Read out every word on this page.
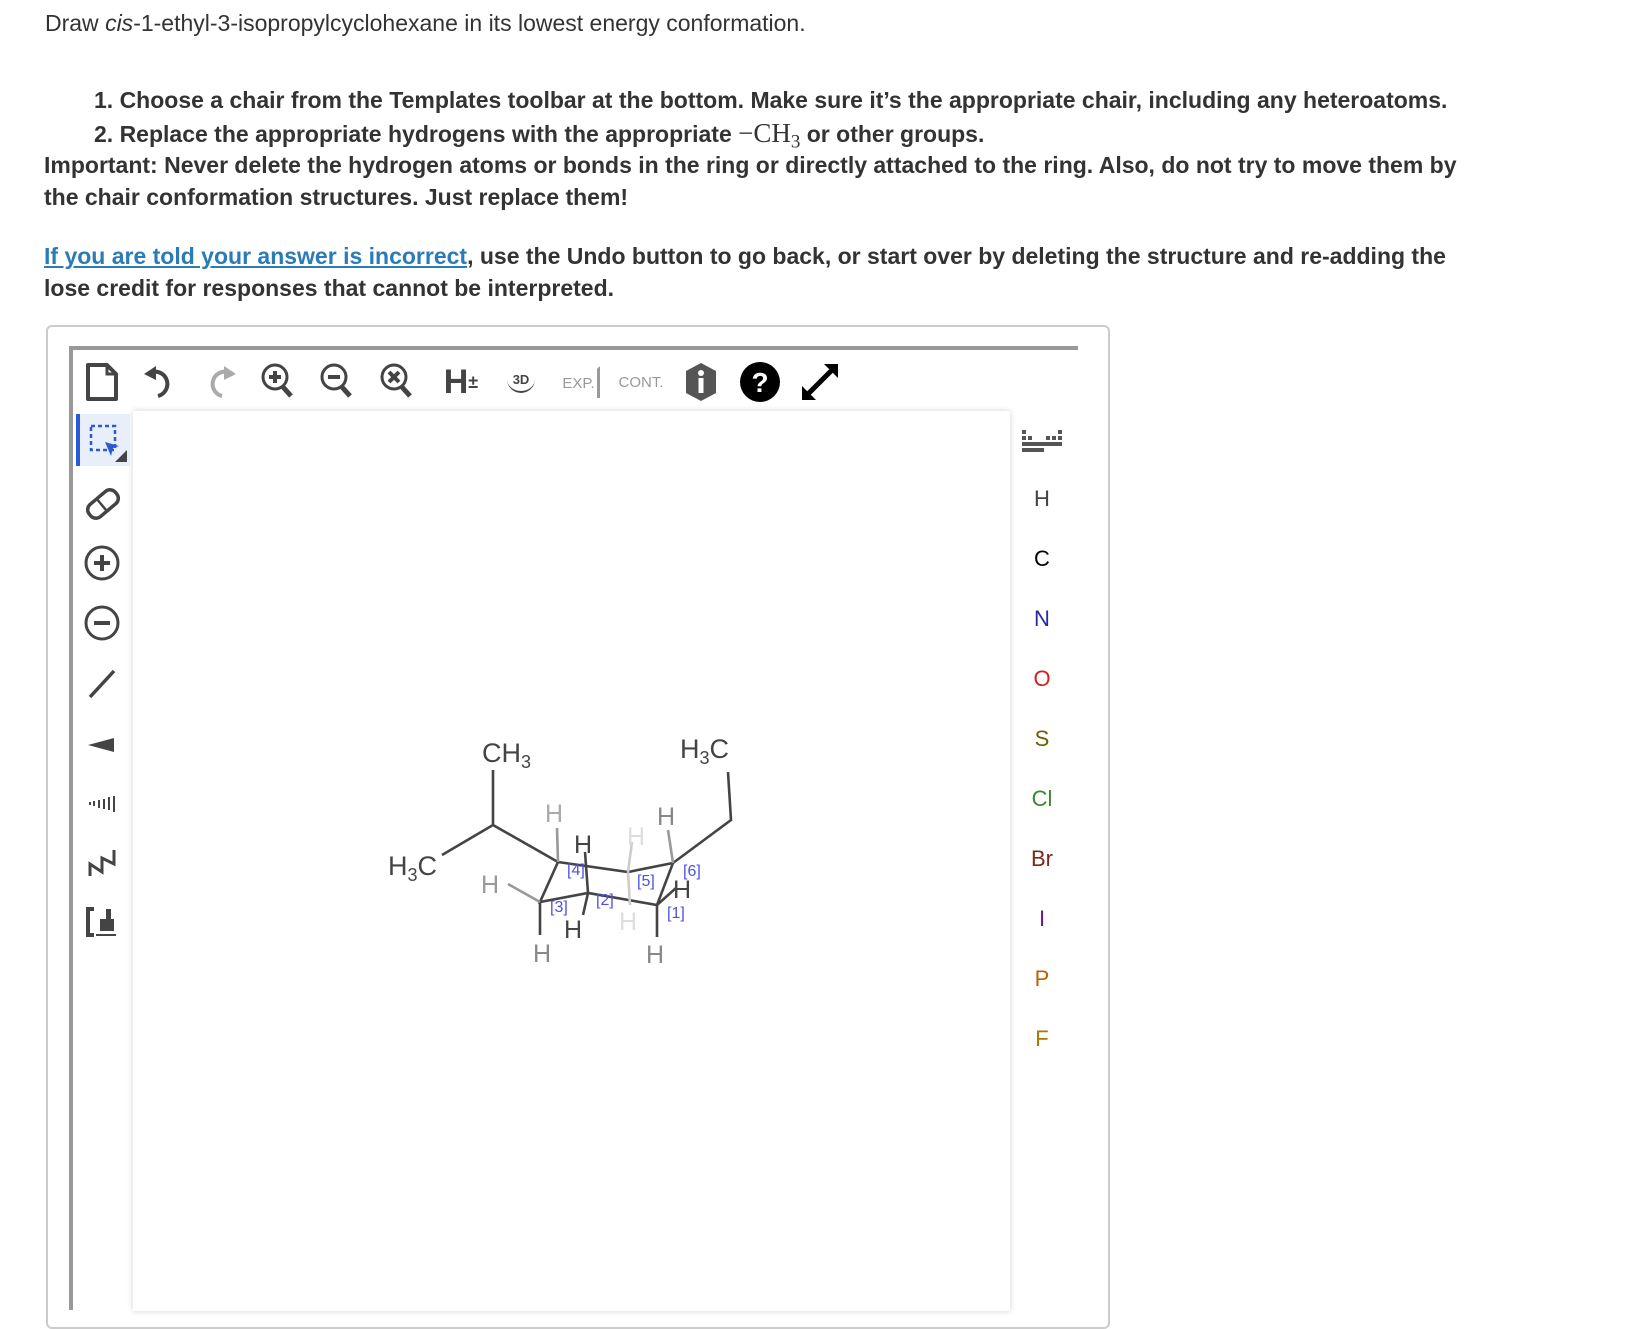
Draw cis-1-ethyl-3-isopropylcyclohexane in its lowest energy conformation.
1. Choose a chair from the Templates toolbar at the bottom. Make sure it’s the appropriate chair, including any heteroatoms.
2. Replace the appropriate hydrogens with the appropriate $-CH_3$ or other groups.
Important: Never delete the hydrogen atoms or bonds in the ring or directly attached to the ring. Also, do not try to move them by
the chair conformation structures. Just replace them!
If you are told your answer is incorrect, use the Undo button to go back, or start over by deleting the structure and re-adding the
lose credit for responses that cannot be interpreted.
H ±	3D	EXP.	CONT.	?
H
C
N
O
S
Cl
Br
I
P
F
$CH_3$
$H_3C$
$H_3C$
H
H
H
H
H
H
H
H H
H
[1]
[2]
[3]
[4]
[5]
[6]
